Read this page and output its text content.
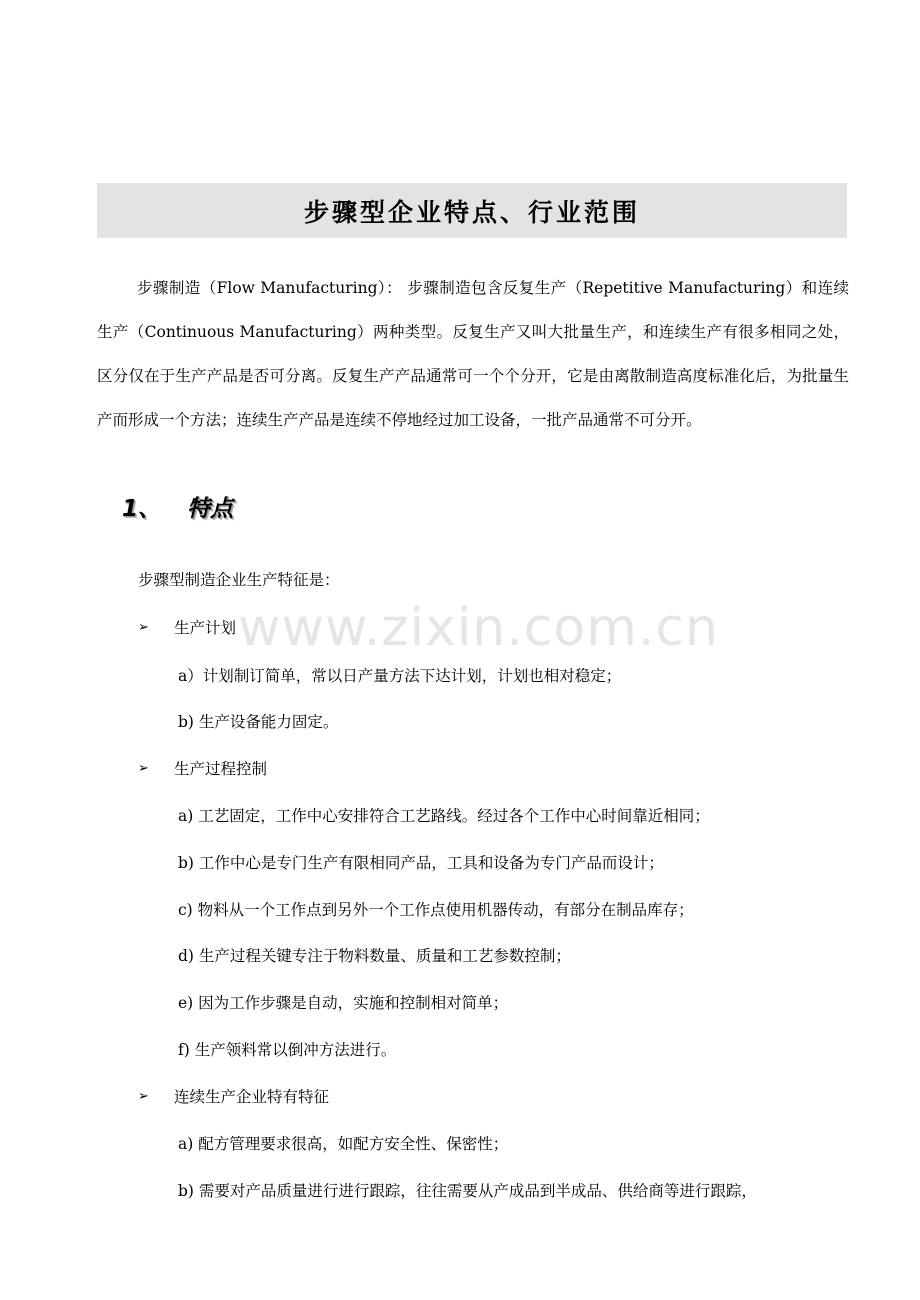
步骤型企业特点、行业范围

步骤制造（Flow Manufacturing）： 步骤制造包含反复生产（Repetitive Manufacturing）和连续生产（Continuous Manufacturing）两种类型。反复生产又叫大批量生产，和连续生产有很多相同之处，区分仅在于生产产品是否可分离。反复生产产品通常可一个个分开，它是由离散制造高度标准化后，为批量生产而形成一个方法；连续生产产品是连续不停地经过加工设备，一批产品通常不可分开。

1、 特点
步骤型制造企业生产特征是：
➢	生产计划
a）计划制订简单，常以日产量方法下达计划，计划也相对稳定；
b) 生产设备能力固定。
➢	生产过程控制
a) 工艺固定，工作中心安排符合工艺路线。经过各个工作中心时间靠近相同；
b) 工作中心是专门生产有限相同产品，工具和设备为专门产品而设计；
c) 物料从一个工作点到另外一个工作点使用机器传动，有部分在制品库存；
d) 生产过程关键专注于物料数量、质量和工艺参数控制；
e) 因为工作步骤是自动，实施和控制相对简单；
f) 生产领料常以倒冲方法进行。
➢	连续生产企业特有特征
a) 配方管理要求很高，如配方安全性、保密性；
b) 需要对产品质量进行进行跟踪，往往需要从产成品到半成品、供给商等进行跟踪，
www.zixin.com.cn
